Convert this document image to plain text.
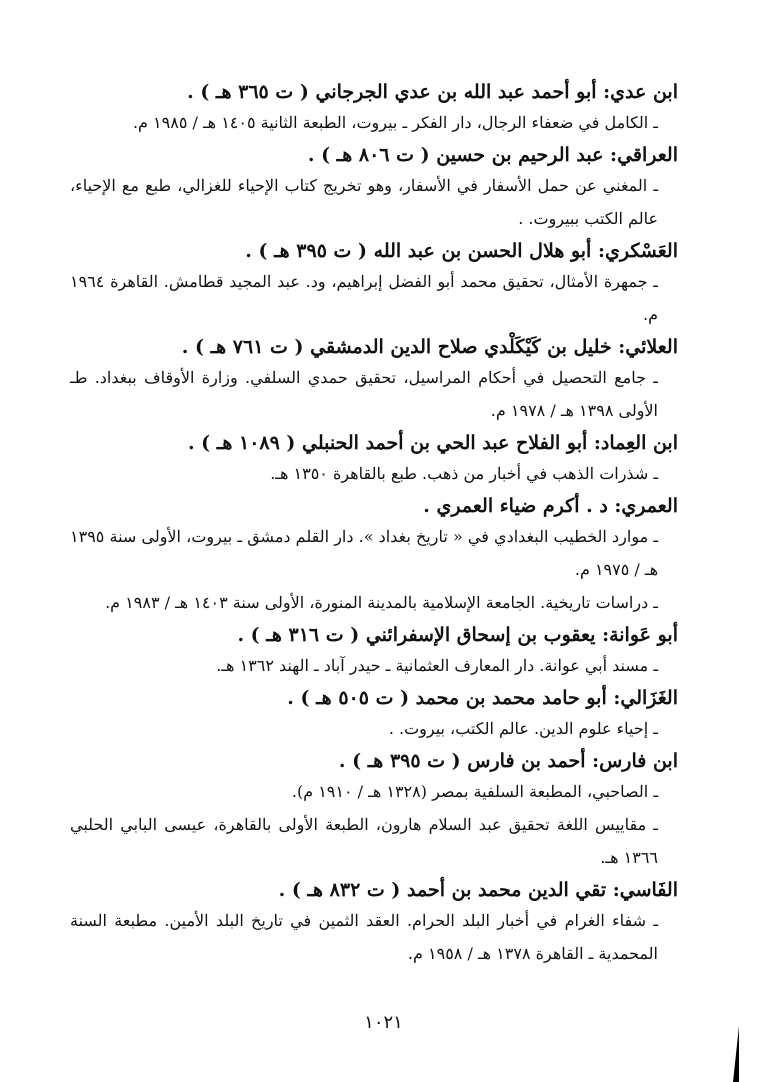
ابن عدي: أبو أحمد عبد الله بن عدي الجرجاني ( ت ٣٦٥ هـ ) .

ـ الكامل في ضعفاء الرجال، دار الفكر ـ بيروت، الطبعة الثانية ١٤٠٥ هـ / ١٩٨٥ م.

العراقي: عبد الرحيم بن حسين ( ت ٨٠٦ هـ ) .

ـ المغني عن حمل الأسفار في الأسفار، وهو تخريج كتاب الإحياء للغزالي، طبع مع الإحياء، عالم الكتب ببيروت. .

العَسْكري: أبو هلال الحسن بن عبد الله ( ت ٣٩٥ هـ ) .

ـ جمهرة الأمثال، تحقيق محمد أبو الفضل إبراهيم، ود. عبد المجيد قطامش. القاهرة ١٩٦٤ م.

العلائي: خليل بن كَيْكَلْدي صلاح الدين الدمشقي ( ت ٧٦١ هـ ) .

ـ جامع التحصيل في أحكام المراسيل، تحقيق حمدي السلفي. وزارة الأوقاف ببغداد. طـ الأولى ١٣٩٨ هـ / ١٩٧٨ م.

ابن العِماد: أبو الفلاح عبد الحي بن أحمد الحنبلي ( ١٠٨٩ هـ ) .

ـ شذرات الذهب في أخبار من ذهب. طبع بالقاهرة ١٣٥٠ هـ.

العمري: د . أكرم ضياء العمري .

ـ موارد الخطيب البغدادي في « تاريخ بغداد ». دار القلم دمشق ـ بيروت، الأولى سنة ١٣٩٥ هـ / ١٩٧٥ م.

ـ دراسات تاريخية. الجامعة الإسلامية بالمدينة المنورة، الأولى سنة ١٤٠٣ هـ / ١٩٨٣ م.

أبو عَوانة: يعقوب بن إسحاق الإسفرائني ( ت ٣١٦ هـ ) .

ـ مسند أبي عوانة. دار المعارف العثمانية ـ حيدر آباد ـ الهند ١٣٦٢ هـ.

الغَزَالي: أبو حامد محمد بن محمد ( ت ٥٠٥ هـ ) .

ـ إحياء علوم الدين. عالم الكتب، بيروت. .

ابن فارس: أحمد بن فارس ( ت ٣٩٥ هـ ) .

ـ الصاحبي، المطبعة السلفية بمصر (١٣٢٨ هـ / ١٩١٠ م).

ـ مقاييس اللغة تحقيق عبد السلام هارون، الطبعة الأولى بالقاهرة، عيسى البابي الحلبي ١٣٦٦ هـ.

الفَاسي: تقي الدين محمد بن أحمد ( ت ٨٣٢ هـ ) .

ـ شفاء الغرام في أخبار البلد الحرام. العقد الثمين في تاريخ البلد الأمين. مطبعة السنة المحمدية ـ القاهرة ١٣٧٨ هـ / ١٩٥٨ م.

١٠٢١
